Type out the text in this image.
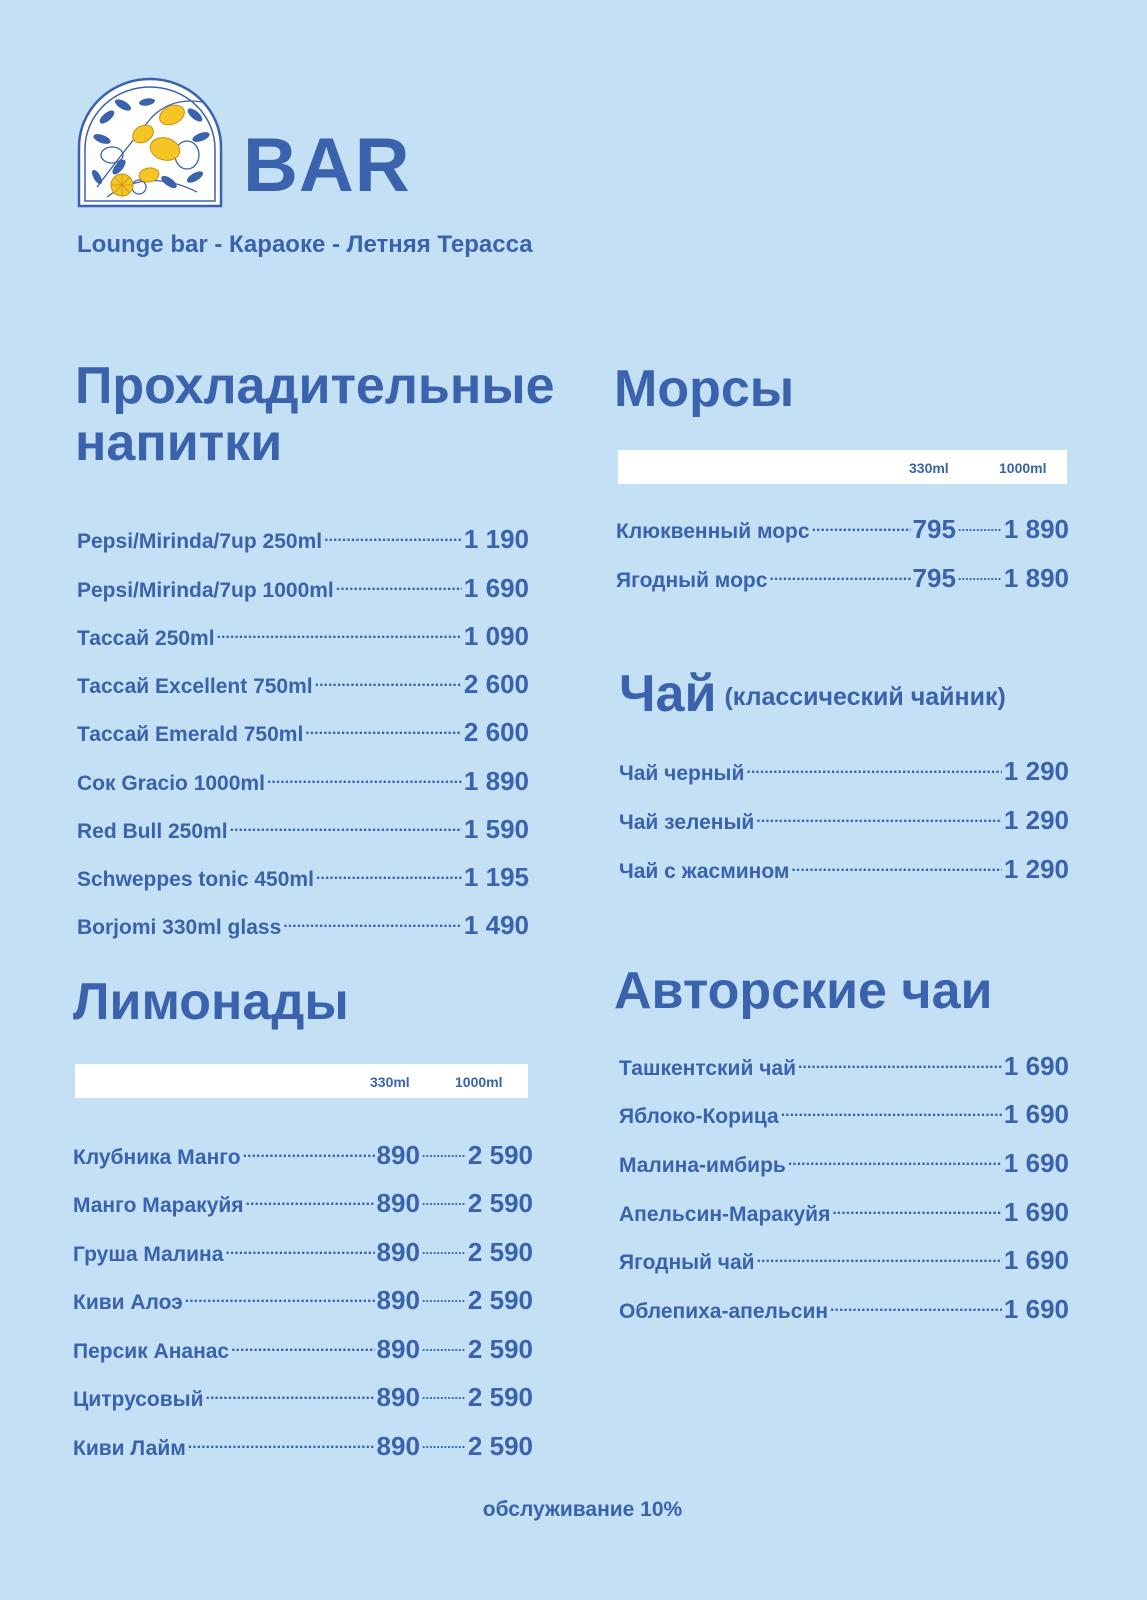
BAR
Lounge bar - Караоке - Летняя Терасса
Прохладительные
напитки
Pepsi/Mirinda/7up 250ml .....	1 190
Pepsi/Mirinda/7up 1000ml .....	1 690
Тассай 250ml .....	1 090
Тассай Excellent 750ml .....	2 600
Тассай Emerald 750ml .....	2 600
Сок Gracio 1000ml .....	1 890
Red Bull 250ml .....	1 590
Schweppes tonic 450ml .....	1 195
Borjomi 330ml glass .....	1 490
Лимонады
330ml	1000ml
Клубника Манго .....	890 ..... 2 590
Манго Маракуйя .....	890 ..... 2 590
Груша Малина .....	890 ..... 2 590
Киви Алоэ .....	890 ..... 2 590
Персик Ананас .....	890 ..... 2 590
Цитрусовый .....	890 ..... 2 590
Киви Лайм .....	890 ..... 2 590
Морсы
330ml	1000ml
Клюквенный морс .....	795 ..... 1 890
Ягодный морс .....	795 ..... 1 890
Чай (классический чайник)
Чай черный .....	1 290
Чай зеленый .....	1 290
Чай с жасмином .....	1 290
Авторские чаи
Ташкентский чай .....	1 690
Яблоко-Корица .....	1 690
Малина-имбирь .....	1 690
Апельсин-Маракуйя .....	1 690
Ягодный чай .....	1 690
Облепиха-апельсин .....	1 690
обслуживание 10%
